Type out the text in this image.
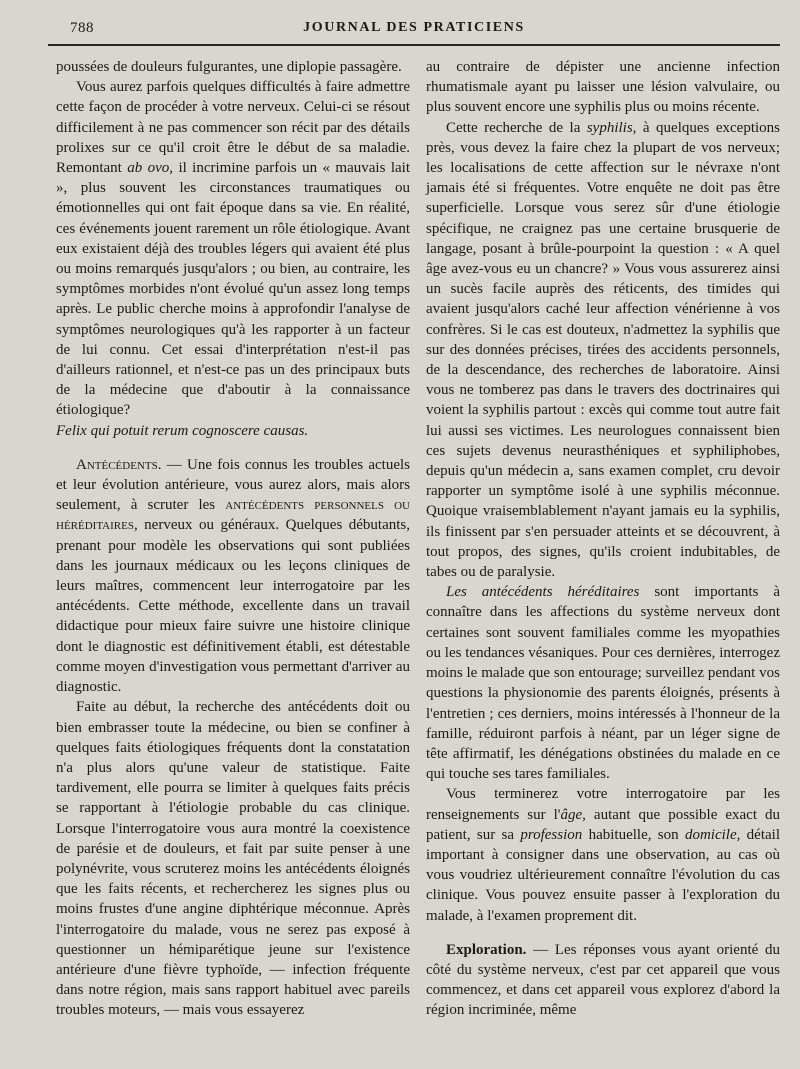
788	JOURNAL DES PRATICIENS

poussées de douleurs fulgurantes, une diplopie passagère.

Vous aurez parfois quelques difficultés à faire admettre cette façon de procéder à votre nerveux. Celui-ci se résout difficilement à ne pas commencer son récit par des détails prolixes sur ce qu'il croit être le début de sa maladie. Remontant ab ovo, il incrimine parfois un « mauvais lait », plus souvent les circonstances traumatiques ou émotionnelles qui ont fait époque dans sa vie. En réalité, ces événements jouent rarement un rôle étiologique. Avant eux existaient déjà des troubles légers qui avaient été plus ou moins remarqués jusqu'alors ; ou bien, au contraire, les symptômes morbides n'ont évolué qu'un assez long temps après. Le public cherche moins à approfondir l'analyse de symptômes neurologiques qu'à les rapporter à un facteur de lui connu. Cet essai d'interprétation n'est-il pas d'ailleurs rationnel, et n'est-ce pas un des principaux buts de la médecine que d'aboutir à la connaissance étiologique?

Felix qui potuit rerum cognoscere causas.

Antécédents. — Une fois connus les troubles actuels et leur évolution antérieure, vous aurez alors, mais alors seulement, à scruter les antécédents personnels ou héréditaires, nerveux ou généraux. Quelques débutants, prenant pour modèle les observations qui sont publiées dans les journaux médicaux ou les leçons cliniques de leurs maîtres, commencent leur interrogatoire par les antécédents. Cette méthode, excellente dans un travail didactique pour mieux faire suivre une histoire clinique dont le diagnostic est définitivement établi, est détestable comme moyen d'investigation vous permettant d'arriver au diagnostic.

Faite au début, la recherche des antécédents doit ou bien embrasser toute la médecine, ou bien se confiner à quelques faits étiologiques fréquents dont la constatation n'a plus alors qu'une valeur de statistique. Faite tardivement, elle pourra se limiter à quelques faits précis se rapportant à l'étiologie probable du cas clinique. Lorsque l'interrogatoire vous aura montré la coexistence de parésie et de douleurs, et fait par suite penser à une polynévrite, vous scruterez moins les antécédents éloignés que les faits récents, et rechercherez les signes plus ou moins frustes d'une angine diphtérique méconnue. Après l'interrogatoire du malade, vous ne serez pas exposé à questionner un hémiparétique jeune sur l'existence antérieure d'une fièvre typhoïde, — infection fréquente dans notre région, mais sans rapport habituel avec pareils troubles moteurs, — mais vous essayerez

au contraire de dépister une ancienne infection rhumatismale ayant pu laisser une lésion valvulaire, ou plus souvent encore une syphilis plus ou moins récente.

Cette recherche de la syphilis, à quelques exceptions près, vous devez la faire chez la plupart de vos nerveux; les localisations de cette affection sur le névraxe n'ont jamais été si fréquentes. Votre enquête ne doit pas être superficielle. Lorsque vous serez sûr d'une étiologie spécifique, ne craignez pas une certaine brusquerie de langage, posant à brûle-pourpoint la question : « A quel âge avez-vous eu un chancre? » Vous vous assurerez ainsi un sucès facile auprès des réticents, des timides qui avaient jusqu'alors caché leur affection vénérienne à vos confrères. Si le cas est douteux, n'admettez la syphilis que sur des données précises, tirées des accidents personnels, de la descendance, des recherches de laboratoire. Ainsi vous ne tomberez pas dans le travers des doctrinaires qui voient la syphilis partout : excès qui comme tout autre fait lui aussi ses victimes. Les neurologues connaissent bien ces sujets devenus neurasthéniques et syphiliphobes, depuis qu'un médecin a, sans examen complet, cru devoir rapporter un symptôme isolé à une syphilis méconnue. Quoique vraisemblablement n'ayant jamais eu la syphilis, ils finissent par s'en persuader atteints et se découvrent, à tout propos, des signes, qu'ils croient indubitables, de tabes ou de paralysie.

Les antécédents héréditaires sont importants à connaître dans les affections du système nerveux dont certaines sont souvent familiales comme les myopathies ou les tendances vésaniques. Pour ces dernières, interrogez moins le malade que son entourage; surveillez pendant vos questions la physionomie des parents éloignés, présents à l'entretien ; ces derniers, moins intéressés à l'honneur de la famille, réduiront parfois à néant, par un léger signe de tête affirmatif, les dénégations obstinées du malade en ce qui touche ses tares familiales.

Vous terminerez votre interrogatoire par les renseignements sur l'âge, autant que possible exact du patient, sur sa profession habituelle, son domicile, détail important à consigner dans une observation, au cas où vous voudriez ultérieurement connaître l'évolution du cas clinique. Vous pouvez ensuite passer à l'exploration du malade, à l'examen proprement dit.

Exploration. — Les réponses vous ayant orienté du côté du système nerveux, c'est par cet appareil que vous commencez, et dans cet appareil vous explorez d'abord la région incriminée, même
